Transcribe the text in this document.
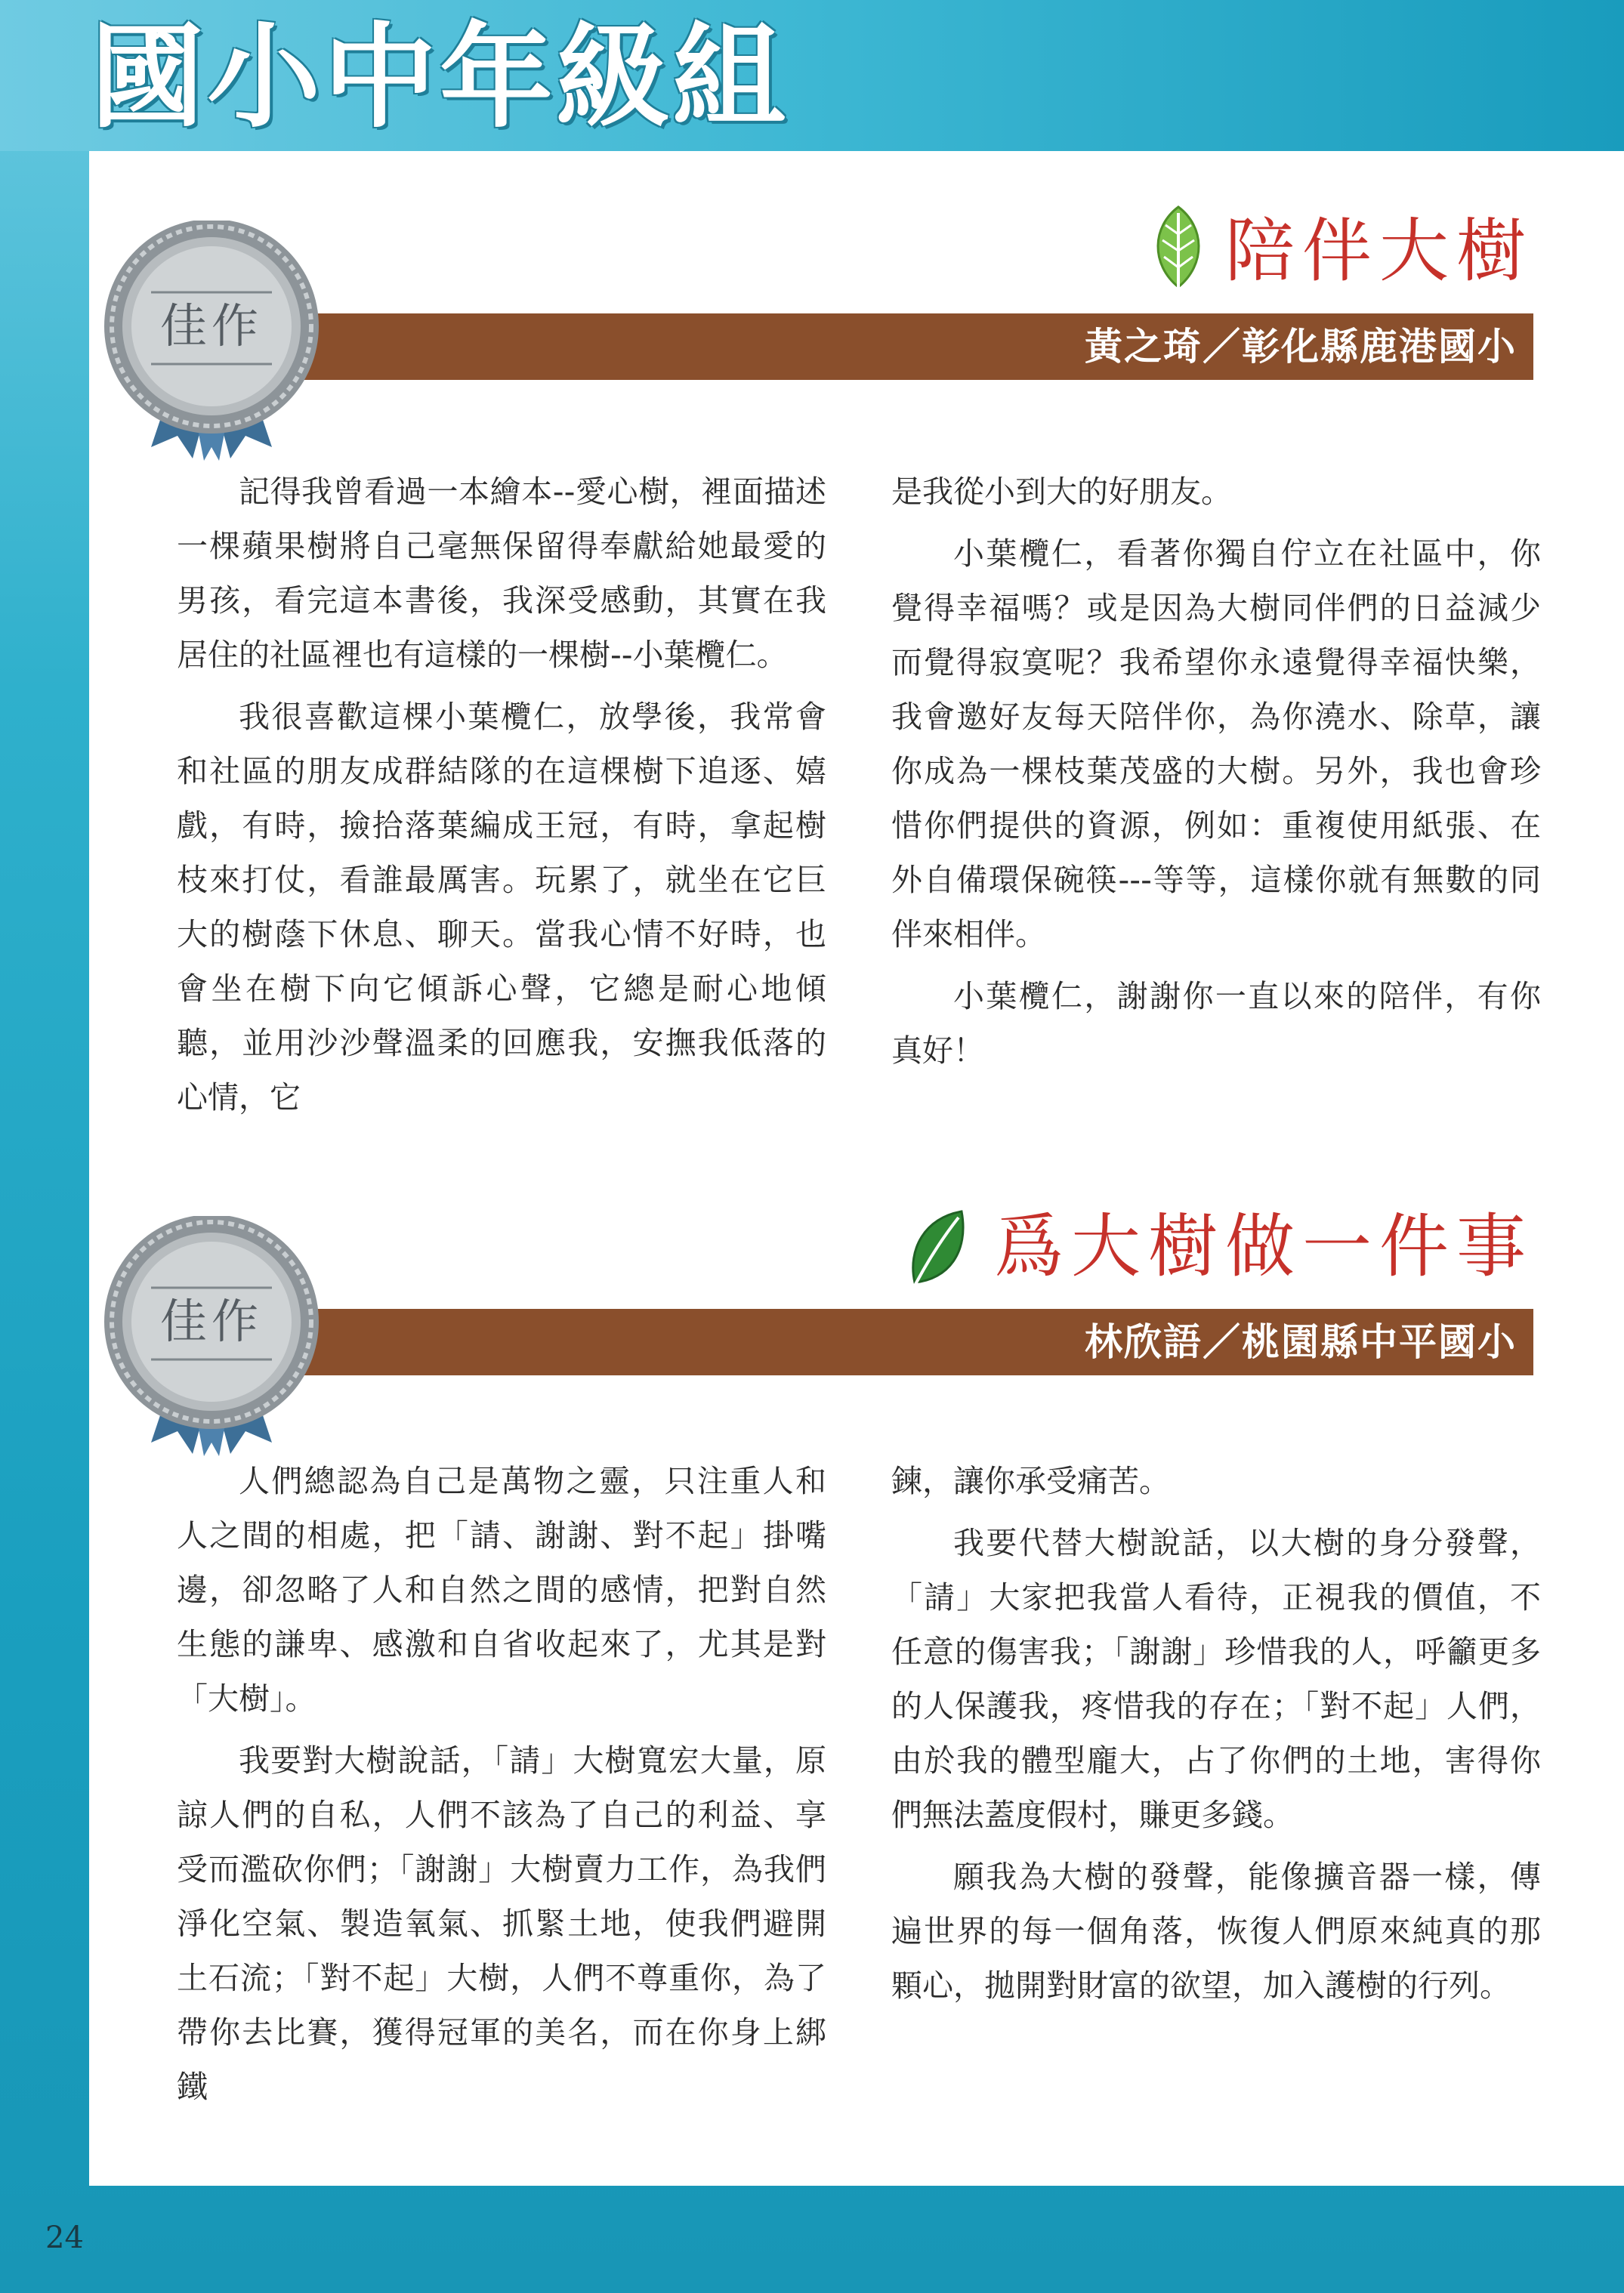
國小中年級組
陪伴大樹
黃之琦／彰化縣鹿港國小
佳作

記得我曾看過一本繪本--愛心樹，裡面描述一棵蘋果樹將自己毫無保留得奉獻給她最愛的男孩，看完這本書後，我深受感動，其實在我居住的社區裡也有這樣的一棵樹--小葉欖仁。

我很喜歡這棵小葉欖仁，放學後，我常會和社區的朋友成群結隊的在這棵樹下追逐、嬉戲，有時，撿拾落葉編成王冠，有時，拿起樹枝來打仗，看誰最厲害。玩累了，就坐在它巨大的樹蔭下休息、聊天。當我心情不好時，也會坐在樹下向它傾訴心聲，它總是耐心地傾聽，並用沙沙聲溫柔的回應我，安撫我低落的心情，它

是我從小到大的好朋友。

小葉欖仁，看著你獨自佇立在社區中，你覺得幸福嗎？或是因為大樹同伴們的日益減少而覺得寂寞呢？我希望你永遠覺得幸福快樂，我會邀好友每天陪伴你，為你澆水、除草，讓你成為一棵枝葉茂盛的大樹。另外，我也會珍惜你們提供的資源，例如：重複使用紙張、在外自備環保碗筷---等等，這樣你就有無數的同伴來相伴。

小葉欖仁，謝謝你一直以來的陪伴，有你真好！

爲大樹做一件事
林欣語／桃園縣中平國小
佳作

人們總認為自己是萬物之靈，只注重人和人之間的相處，把「請、謝謝、對不起」掛嘴邊，卻忽略了人和自然之間的感情，把對自然生態的謙卑、感激和自省收起來了，尤其是對「大樹」。

我要對大樹說話，「請」大樹寬宏大量，原諒人們的自私，人們不該為了自己的利益、享受而濫砍你們；「謝謝」大樹賣力工作，為我們淨化空氣、製造氧氣、抓緊土地，使我們避開土石流；「對不起」大樹，人們不尊重你，為了帶你去比賽，獲得冠軍的美名，而在你身上綁鐵

鍊，讓你承受痛苦。

我要代替大樹說話，以大樹的身分發聲，「請」大家把我當人看待，正視我的價值，不任意的傷害我；「謝謝」珍惜我的人，呼籲更多的人保護我，疼惜我的存在；「對不起」人們，由於我的體型龐大，占了你們的土地，害得你們無法蓋度假村，賺更多錢。

願我為大樹的發聲，能像擴音器一樣，傳遍世界的每一個角落，恢復人們原來純真的那顆心，拋開對財富的欲望，加入護樹的行列。

24
